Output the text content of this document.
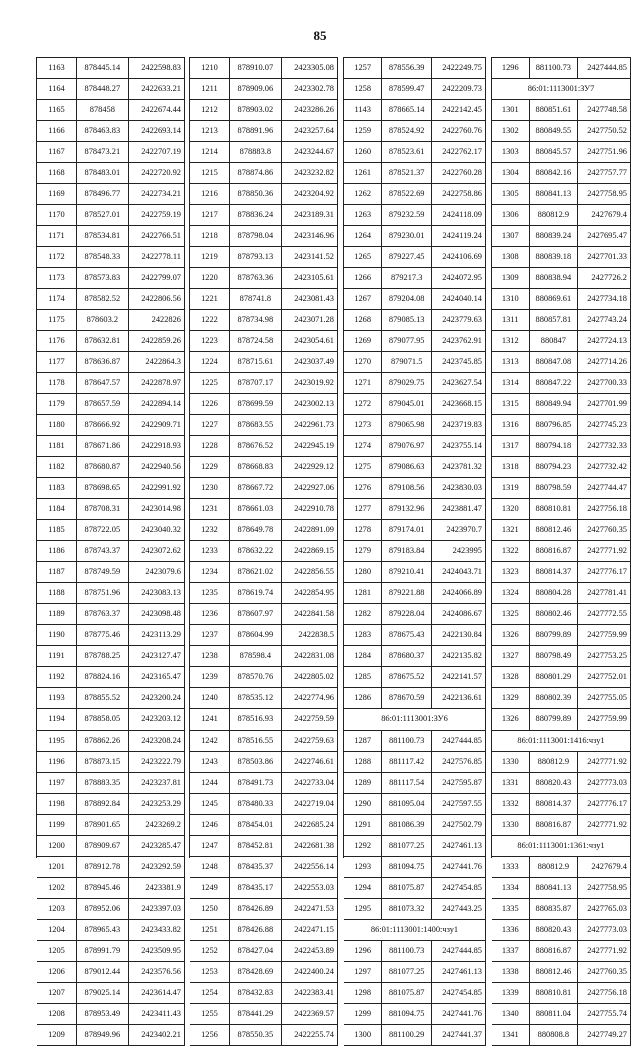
85
1163	878445.14	2422598.83
1164	878448.27	2422633.21
1165	878458	2422674.44
1166	878463.83	2422693.14
1167	878473.21	2422707.19
1168	878483.01	2422720.92
1169	878496.77	2422734.21
1170	878527.01	2422759.19
1171	878534.81	2422766.51
1172	878548.33	2422778.11
1173	878573.83	2422799.07
1174	878582.52	2422806.56
1175	878603.2	2422826
1176	878632.81	2422859.26
1177	878636.87	2422864.3
1178	878647.57	2422878.97
1179	878657.59	2422894.14
1180	878666.92	2422909.71
1181	878671.86	2422918.93
1182	878680.87	2422940.56
1183	878698.65	2422991.92
1184	878708.31	2423014.98
1185	878722.05	2423040.32
1186	878743.37	2423072.62
1187	878749.59	2423079.6
1188	878751.96	2423083.13
1189	878763.37	2423098.48
1190	878775.46	2423113.29
1191	878788.25	2423127.47
1192	878824.16	2423165.47
1193	878855.52	2423200.24
1194	878858.05	2423203.12
1195	878862.26	2423208.24
1196	878873.15	2423222.79
1197	878883.35	2423237.81
1198	878892.84	2423253.29
1199	878901.65	2423269.2
1200	878909.67	2423285.47
1201	878912.78	2423292.59
1202	878945.46	2423381.9
1203	878952.06	2423397.03
1204	878965.43	2423433.82
1205	878991.79	2423509.95
1206	879012.44	2423576.56
1207	879025.14	2423614.47
1208	878953.49	2423411.43
1209	878949.96	2423402.21
1210	878910.07	2423305.08
1211	878909.06	2423302.78
1212	878903.02	2423286.26
1213	878891.96	2423257.64
1214	878883.8	2423244.67
1215	878874.86	2423232.82
1216	878850.36	2423204.92
1217	878836.24	2423189.31
1218	878798.04	2423146.96
1219	878793.13	2423141.52
1220	878763.36	2423105.61
1221	878741.8	2423081.43
1222	878734.98	2423071.28
1223	878724.58	2423054.61
1224	878715.61	2423037.49
1225	878707.17	2423019.92
1226	878699.59	2423002.13
1227	878683.55	2422961.73
1228	878676.52	2422945.19
1229	878668.83	2422929.12
1230	878667.72	2422927.06
1231	878661.03	2422910.78
1232	878649.78	2422891.09
1233	878632.22	2422869.15
1234	878621.02	2422856.55
1235	878619.74	2422854.95
1236	878607.97	2422841.58
1237	878604.99	2422838.5
1238	878598.4	2422831.08
1239	878570.76	2422805.02
1240	878535.12	2422774.96
1241	878516.93	2422759.59
1242	878516.55	2422759.63
1243	878503.86	2422746.61
1244	878491.73	2422733.04
1245	878480.33	2422719.04
1246	878454.01	2422685.24
1247	878452.81	2422681.38
1248	878435.37	2422556.14
1249	878435.17	2422553.03
1250	878426.89	2422471.53
1251	878426.88	2422471.15
1252	878427.04	2422453.89
1253	878428.69	2422400.24
1254	878432.83	2422383.41
1255	878441.29	2422369.57
1256	878550.35	2422255.74
1257	878556.39	2422249.75
1258	878599.47	2422209.73
1143	878665.14	2422142.45
1259	878524.92	2422760.76
1260	878523.61	2422762.17
1261	878521.37	2422760.28
1262	878522.69	2422758.86
1263	879232.59	2424118.09
1264	879230.01	2424119.24
1265	879227.45	2424106.69
1266	879217.3	2424072.95
1267	879204.08	2424040.14
1268	879085.13	2423779.63
1269	879077.95	2423762.91
1270	879071.5	2423745.85
1271	879029.75	2423627.54
1272	879045.01	2423668.15
1273	879065.98	2423719.83
1274	879076.97	2423755.14
1275	879086.63	2423781.32
1276	879108.56	2423830.03
1277	879132.96	2423881.47
1278	879174.01	2423970.7
1279	879183.84	2423995
1280	879210.41	2424043.71
1281	879221.88	2424066.89
1282	879228.04	2424086.67
1283	878675.43	2422130.84
1284	878680.37	2422135.82
1285	878675.52	2422141.57
1286	878670.59	2422136.61
86:01:1113001:ЗУ6
1287	881100.73	2427444.85
1288	881117.42	2427576.85
1289	881117.54	2427595.87
1290	881095.04	2427597.55
1291	881086.39	2427502.79
1292	881077.25	2427461.13
1293	881094.75	2427441.76
1294	881075.87	2427454.85
1295	881073.32	2427443.25
86:01:1113001:1400:чзу1
1296	881100.73	2427444.85
1297	881077.25	2427461.13
1298	881075.87	2427454.85
1299	881094.75	2427441.76
1300	881100.29	2427441.37
1296	881100.73	2427444.85
86:01:1113001:ЗУ7
1301	880851.61	2427748.58
1302	880849.55	2427750.52
1303	880845.57	2427751.96
1304	880842.16	2427757.77
1305	880841.13	2427758.95
1306	880812.9	2427679.4
1307	880839.24	2427695.47
1308	880839.18	2427701.33
1309	880838.94	2427726.2
1310	880869.61	2427734.18
1311	880857.81	2427743.24
1312	880847	2427724.13
1313	880847.08	2427714.26
1314	880847.22	2427700.33
1315	880849.94	2427701.99
1316	880796.85	2427745.23
1317	880794.18	2427732.33
1318	880794.23	2427732.42
1319	880798.59	2427744.47
1320	880810.81	2427756.18
1321	880812.46	2427760.35
1322	880816.87	2427771.92
1323	880814.37	2427776.17
1324	880804.28	2427781.41
1325	880802.46	2427772.55
1326	880799.89	2427759.99
1327	880798.49	2427753.25
1328	880801.29	2427752.01
1329	880802.39	2427755.05
1326	880799.89	2427759.99
86:01:1113001:1416:чзу1
1330	880812.9	2427771.92
1331	880820.43	2427773.03
1332	880814.37	2427776.17
1330	880816.87	2427771.92
86:01:1113001:1361:чзу1
1333	880812.9	2427679.4
1334	880841.13	2427758.95
1335	880835.87	2427765.03
1336	880820.43	2427773.03
1337	880816.87	2427771.92
1338	880812.46	2427760.35
1339	880810.81	2427756.18
1340	880811.04	2427755.74
1341	880808.8	2427749.27
